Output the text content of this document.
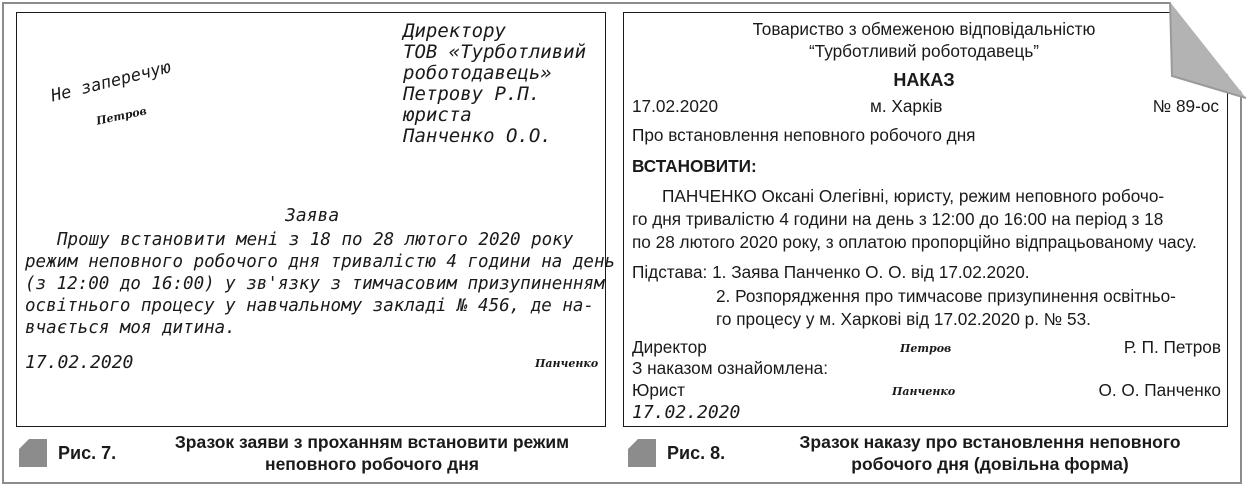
Директору
ТОВ «Турботливий
роботодавець»
Петрову Р.П.
юриста
Панченко О.О.
Не заперечую
Петров
Заява
Прошу встановити мені з 18 по 28 лютого 2020 року
режим неповного робочого дня тривалістю 4 години на день
(з 12:00 до 16:00) у зв'язку з тимчасовим призупиненням
освітнього процесу у навчальному закладі № 456, де на-
вчається моя дитина.
17.02.2020	Панченко
Рис. 7.
Зразок заяви з проханням встановити режим
неповного робочого дня
Товариство з обмеженою відповідальністю
“Турботливий роботодавець”
НАКАЗ
17.02.2020	м. Харків	№ 89-ос
Про встановлення неповного робочого дня
ВСТАНОВИТИ:
ПАНЧЕНКО Оксані Олегівні, юристу, режим неповного робочо-
го дня тривалістю 4 години на день з 12:00 до 16:00 на період з 18
по 28 лютого 2020 року, з оплатою пропорційно відпрацьованому часу.
Підстава: 1. Заява Панченко О. О. від 17.02.2020.
2. Розпорядження про тимчасове призупинення освітньо-
го процесу у м. Харкові від 17.02.2020 р. № 53.
Директор	Петров	Р. П. Петров
З наказом ознайомлена:
Юрист	Панченко	О. О. Панченко
17.02.2020
Рис. 8.
Зразок наказу про встановлення неповного
робочого дня (довільна форма)
